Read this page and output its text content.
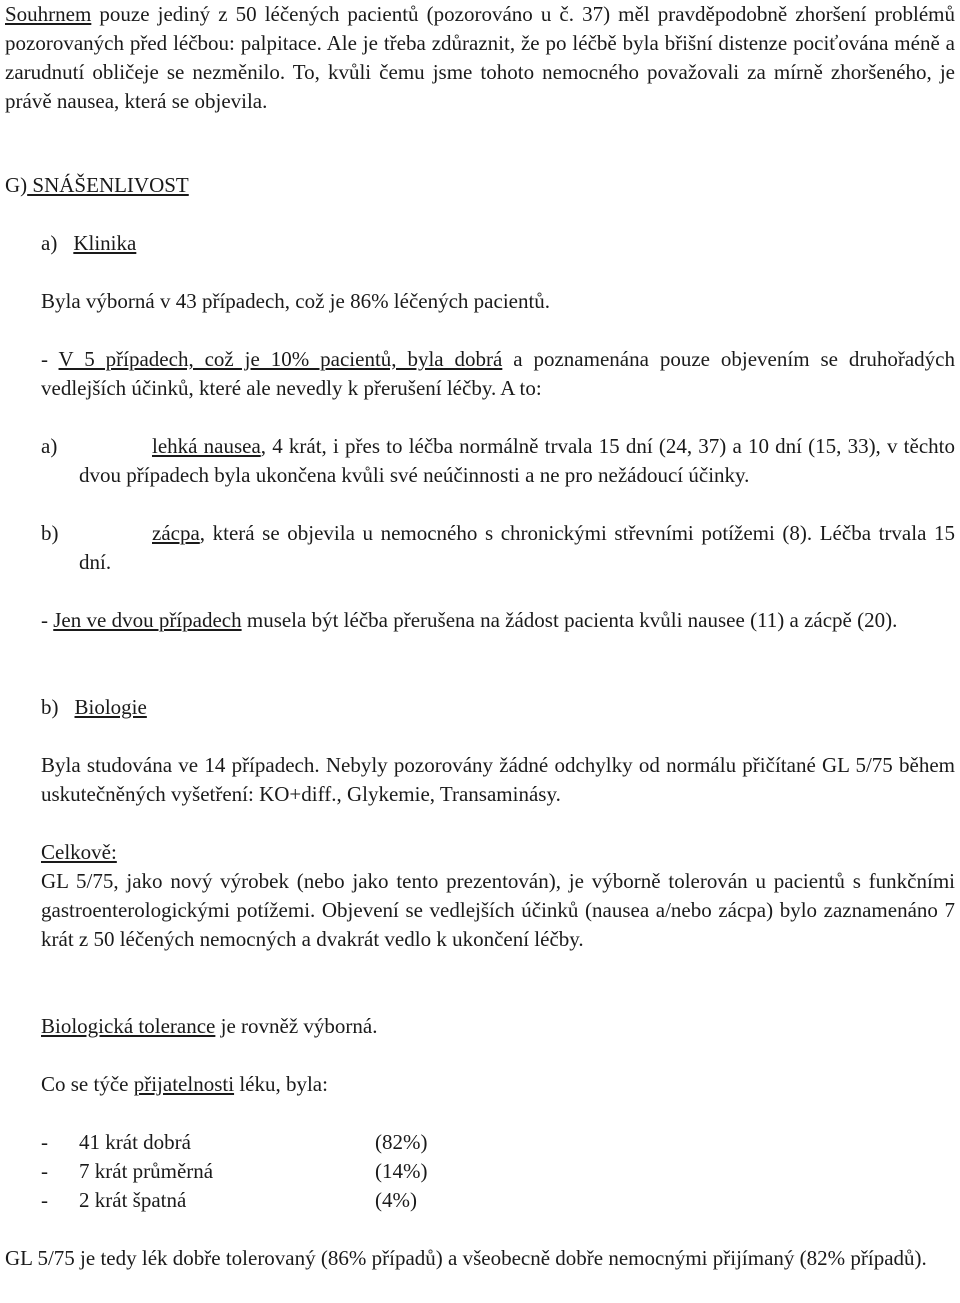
Souhrnem pouze jediný z 50 léčených pacientů (pozorováno u č. 37) měl pravděpodobně zhoršení problémů pozorovaných před léčbou: palpitace. Ale je třeba zdůraznit, že po léčbě byla břišní distenze pociťována méně a zarudnutí obličeje se nezměnilo. To, kvůli čemu jsme tohoto nemocného považovali za mírně zhoršeného, je právě nausea, která se objevila.

G) SNÁŠENLIVOST

a) Klinika

Byla výborná v 43 případech, což je 86% léčených pacientů.

- V 5 případech, což je 10% pacientů, byla dobrá a poznamenána pouze objevením se druhořadých vedlejších účinků, které ale nevedly k přerušení léčby. A to:

a)	lehká nausea, 4 krát, i přes to léčba normálně trvala 15 dní (24, 37) a 10 dní (15, 33), v těchto dvou případech byla ukončena kvůli své neúčinnosti a ne pro nežádoucí účinky.

b)	zácpa, která se objevila u nemocného s chronickými střevními potížemi (8). Léčba trvala 15 dní.

- Jen ve dvou případech musela být léčba přerušena na žádost pacienta kvůli nausee (11) a zácpě (20).

b) Biologie

Byla studována ve 14 případech. Nebyly pozorovány žádné odchylky od normálu přičítané GL 5/75 během uskutečněných vyšetření: KO+diff., Glykemie, Transaminásy.

Celkově:

GL 5/75, jako nový výrobek (nebo jako tento prezentován), je výborně tolerován u pacientů s funkčními gastroenterologickými potížemi. Objevení se vedlejších účinků (nausea a/nebo zácpa) bylo zaznamenáno 7 krát z 50 léčených nemocných a dvakrát vedlo k ukončení léčby.

Biologická tolerance je rovněž výborná.

Co se týče přijatelnosti léku, byla:

- 41 krát dobrá	(82%)
- 7 krát průměrná	(14%)
- 2 krát špatná	(4%)

GL 5/75 je tedy lék dobře tolerovaný (86% případů) a všeobecně dobře nemocnými přijímaný (82% případů).
